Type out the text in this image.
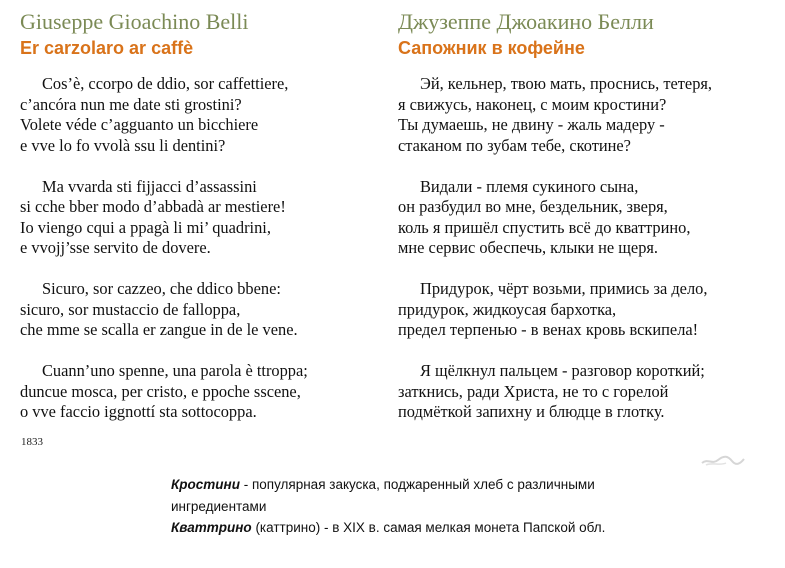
Giuseppe Gioachino Belli
Er carzolaro ar caffè
Cos’è, ccorpo de ddio, sor caffettiere,
c’ancóra nun me date sti grostini?
Volete véde c’agguanto un bicchiere
e vve lo fo vvolà ssu li dentini?
Ma vvarda sti fijjacci d’assassini
si cche bber modo d’abbadà ar mestiere!
Io viengo cqui a ppagà li mi’ quadrini,
e vvojj’sse servito de dovere.
Sicuro, sor cazzeo, che ddico bbene:
sicuro, sor mustaccio de falloppa,
che mme se scalla er zangue in de le vene.
Cuann’uno spenne, una parola è ttroppa;
duncue mosca, per cristo, e ppoche sscene,
o vve faccio iggnottí sta sottocoppa.
1833
Джузеппе Джоакино Белли
Сапожник в кофейне
Эй, кельнер, твою мать, проснись, тетеря,
я свижусь, наконец, с моим кростини?
Ты думаешь, не двину - жаль мадеру -
стаканом по зубам тебе, скотине?
Видали - племя сукиного сына,
он разбудил во мне, бездельник, зверя,
коль я пришёл спустить всё до кваттрино,
мне сервис обеспечь, клыки не щеря.
Придурок, чёрт возьми, примись за дело,
придурок, жидкоусая бархотка,
предел терпенью - в венах кровь вскипела!
Я щёлкнул пальцем - разговор короткий;
заткнись, ради Христа, не то с горелой
подмёткой запихну и блюдце в глотку.
Кростини - популярная закуска, поджаренный хлеб с различными ингредиентами
Кваттрино (каттрино) - в XIX в. самая мелкая монета Папской обл.
